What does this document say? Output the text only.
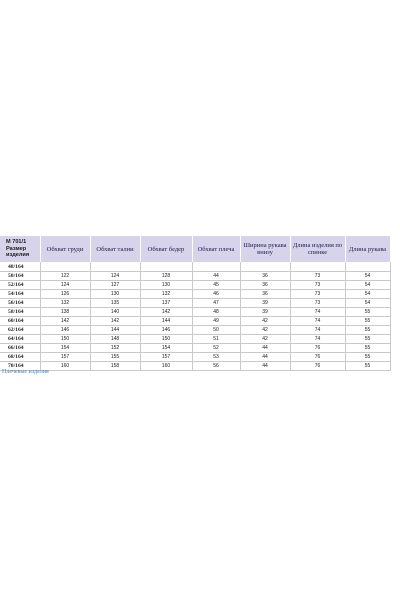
М 701/1 Размер изделия	Обхват груди	Обхват талии	Обхват бедер	Обхват плеча	Ширина рукава внизу	Длина изделия по спинке	Длина рукава
48/164							
50/164	122	124	128	44	36	73	54
52/164	124	127	130	45	36	73	54
54/164	126	130	132	46	36	73	54
56/164	132	135	137	47	39	73	54
58/164	138	140	142	48	39	74	55
60/164	142	142	144	49	42	74	55
62/164	146	144	146	50	42	74	55
64/164	150	148	150	51	42	74	55
66/164	154	152	154	52	44	76	55
68/164	157	155	157	53	44	76	55
70/164	160	158	160	56	44	76	55
Плечевые изделия
